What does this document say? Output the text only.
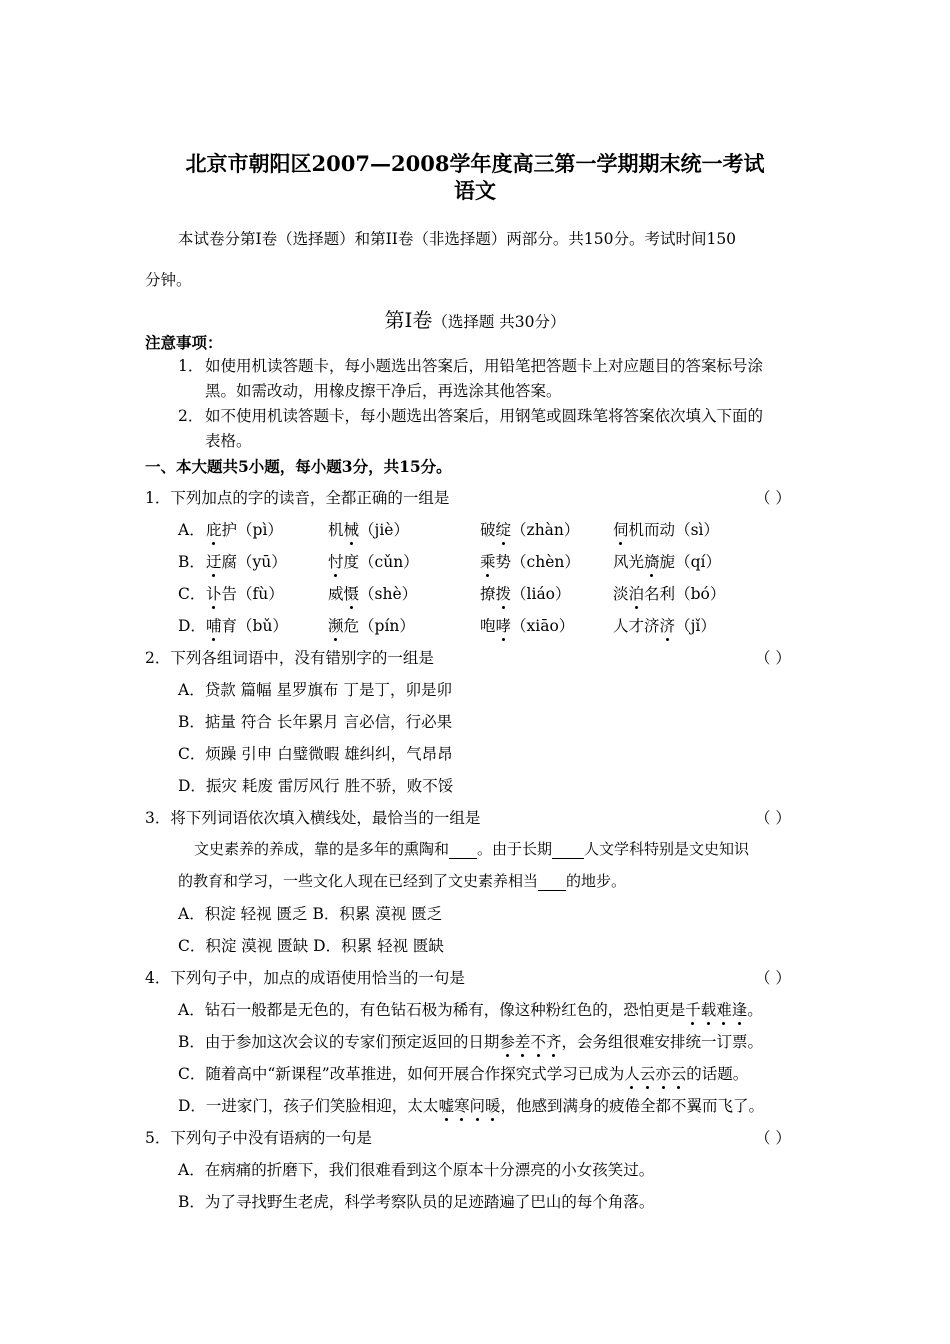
北京市朝阳区2007—2008学年度高三第一学期期末统一考试
语文
本试卷分第I卷（选择题）和第II卷（非选择题）两部分。共150分。考试时间150
分钟。
第Ⅰ卷（选择题 共30分）
注意事项：
1． 如使用机读答题卡，每小题选出答案后，用铅笔把答题卡上对应题目的答案标号涂
黑。如需改动，用橡皮擦干净后，再选涂其他答案。
2． 如不使用机读答题卡，每小题选出答案后，用钢笔或圆珠笔将答案依次填入下面的
表格。
一、本大题共5小题，每小题3分，共15分。
1．下列加点的字的读音，全都正确的一组是	（ ）
A． 庇护（pì）	机械（jiè）	破绽（zhàn） 伺机而动（sì）
B． 迂腐（yū）	忖度（cǔn）	乘势（chèn） 风光旖旎（qí）
C． 讣告（fù）	威慑（shè）	撩拨（liáo）	淡泊名利（bó）
D． 哺育（bǔ）	濒危（pín）	咆哮（xiāo） 人才济济（jǐ）
2．下列各组词语中，没有错别字的一组是	（ ）
A．贷款 篇幅 星罗旗布 丁是丁，卯是卯
B．掂量 符合 长年累月 言必信，行必果
C．烦躁 引申 白璧微暇 雄纠纠，气昂昂
D．振灾 耗废 雷厉风行 胜不骄，败不馁
3．将下列词语依次填入横线处，最恰当的一组是	（ ）
文史素养的养成，靠的是多年的熏陶和 。由于长期 人文学科特别是文史知识
的教育和学习，一些文化人现在已经到了文史素养相当 的地步。
A．积淀 轻视 匮乏 B．积累 漠视 匮乏
C．积淀 漠视 匮缺 D．积累 轻视 匮缺
4．下列句子中，加点的成语使用恰当的一句是	（ ）
A．钻石一般都是无色的，有色钻石极为稀有，像这种粉红色的，恐怕更是千载难逢。
B．由于参加这次会议的专家们预定返回的日期参差不齐，会务组很难安排统一订票。
C．随着高中“新课程”改革推进，如何开展合作探究式学习已成为人云亦云的话题。
D．一进家门，孩子们笑脸相迎，太太嘘寒问暖，他感到满身的疲倦全都不翼而飞了。
5．下列句子中没有语病的一句是	（ ）
A．在病痛的折磨下，我们很难看到这个原本十分漂亮的小女孩笑过。
B．为了寻找野生老虎，科学考察队员的足迹踏遍了巴山的每个角落。
